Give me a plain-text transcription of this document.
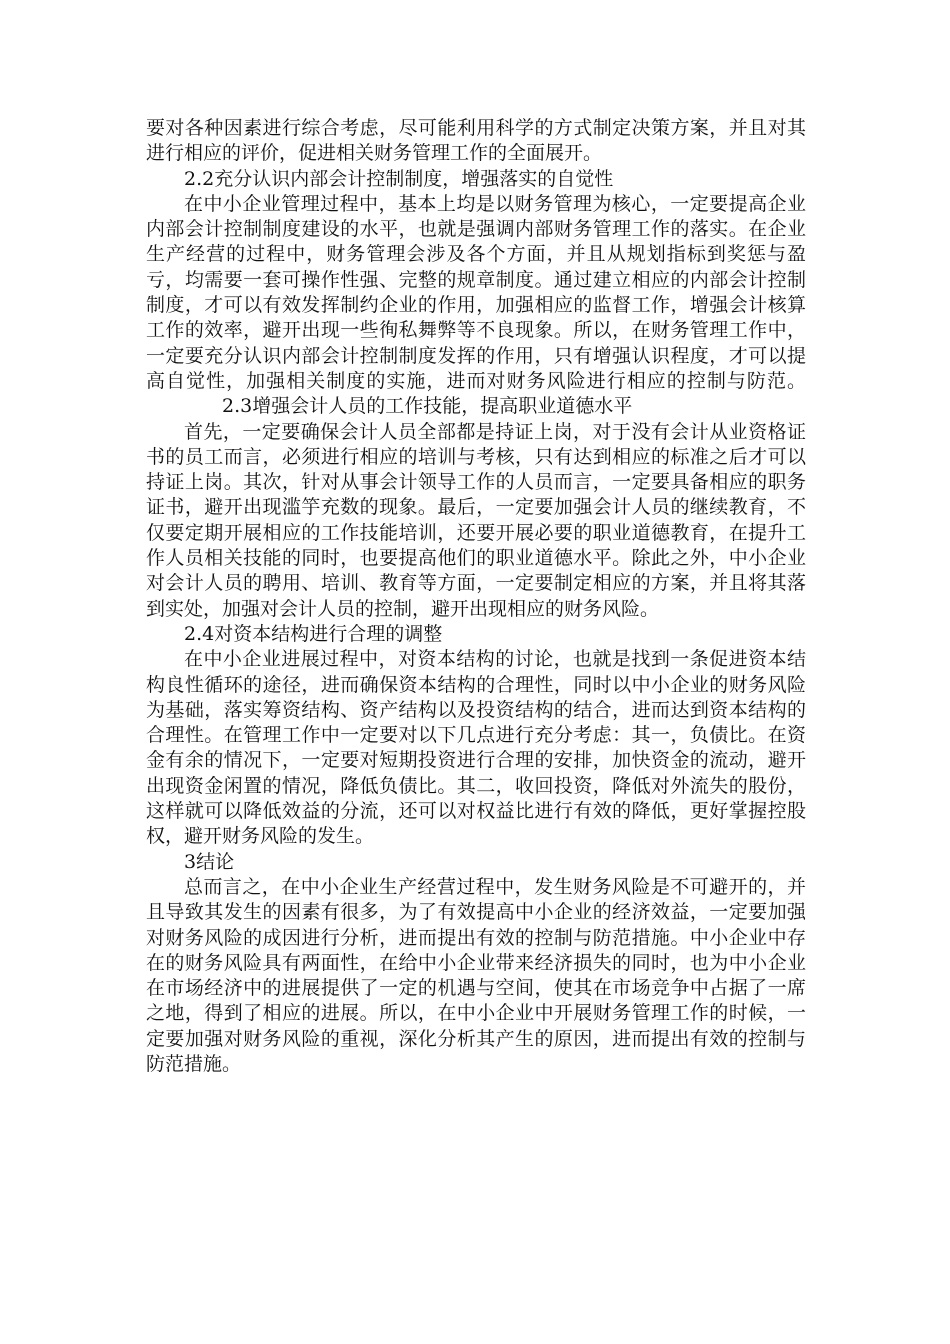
要对各种因素进行综合考虑，尽可能利用科学的方式制定决策方案，并且对其进行相应的评价，促进相关财务管理工作的全面展开。

2.2充分认识内部会计控制制度，增强落实的自觉性

在中小企业管理过程中，基本上均是以财务管理为核心，一定要提高企业内部会计控制制度建设的水平，也就是强调内部财务管理工作的落实。在企业生产经营的过程中，财务管理会涉及各个方面，并且从规划指标到奖惩与盈亏，均需要一套可操作性强、完整的规章制度。通过建立相应的内部会计控制制度，才可以有效发挥制约企业的作用，加强相应的监督工作，增强会计核算工作的效率，避开出现一些徇私舞弊等不良现象。所以，在财务管理工作中，一定要充分认识内部会计控制制度发挥的作用，只有增强认识程度，才可以提高自觉性，加强相关制度的实施，进而对财务风险进行相应的控制与防范。2.3增强会计人员的工作技能，提高职业道德水平

首先，一定要确保会计人员全部都是持证上岗，对于没有会计从业资格证书的员工而言，必须进行相应的培训与考核，只有达到相应的标准之后才可以持证上岗。其次，针对从事会计领导工作的人员而言，一定要具备相应的职务证书，避开出现滥竽充数的现象。最后，一定要加强会计人员的继续教育，不仅要定期开展相应的工作技能培训，还要开展必要的职业道德教育，在提升工作人员相关技能的同时，也要提高他们的职业道德水平。除此之外，中小企业对会计人员的聘用、培训、教育等方面，一定要制定相应的方案，并且将其落到实处，加强对会计人员的控制，避开出现相应的财务风险。

2.4对资本结构进行合理的调整

在中小企业进展过程中，对资本结构的讨论，也就是找到一条促进资本结构良性循环的途径，进而确保资本结构的合理性，同时以中小企业的财务风险为基础，落实筹资结构、资产结构以及投资结构的结合，进而达到资本结构的合理性。在管理工作中一定要对以下几点进行充分考虑：其一，负债比。在资金有余的情况下，一定要对短期投资进行合理的安排，加快资金的流动，避开出现资金闲置的情况，降低负债比。其二，收回投资，降低对外流失的股份，这样就可以降低效益的分流，还可以对权益比进行有效的降低，更好掌握控股权，避开财务风险的发生。

3结论

总而言之，在中小企业生产经营过程中，发生财务风险是不可避开的，并且导致其发生的因素有很多，为了有效提高中小企业的经济效益，一定要加强对财务风险的成因进行分析，进而提出有效的控制与防范措施。中小企业中存在的财务风险具有两面性，在给中小企业带来经济损失的同时，也为中小企业在市场经济中的进展提供了一定的机遇与空间，使其在市场竞争中占据了一席之地，得到了相应的进展。所以，在中小企业中开展财务管理工作的时候，一定要加强对财务风险的重视，深化分析其产生的原因，进而提出有效的控制与防范措施。
